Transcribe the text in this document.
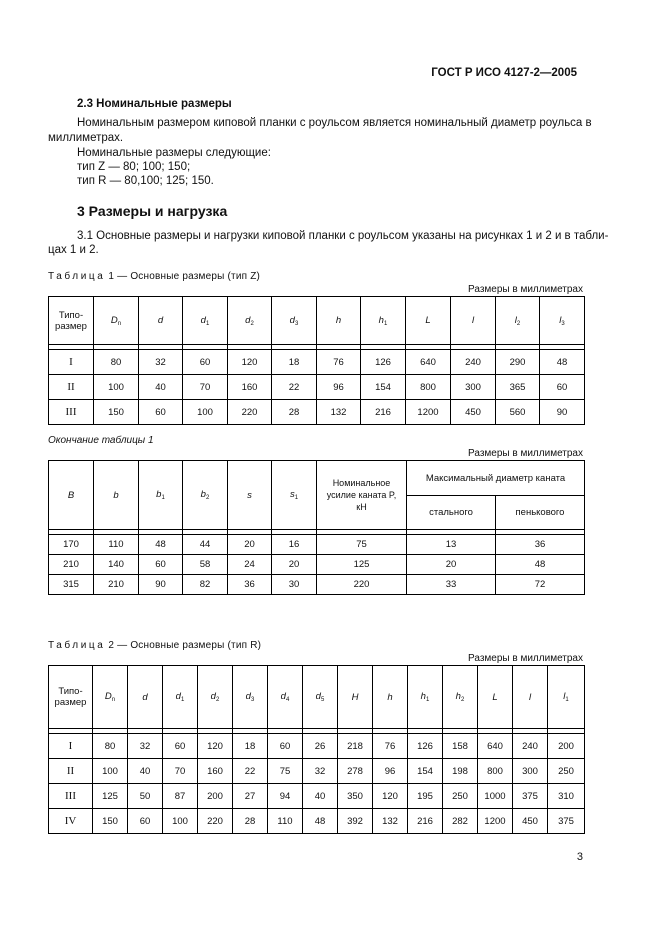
ГОСТ Р ИСО 4127-2—2005
2.3 Номинальные размеры
Номинальным размером киповой планки с роульсом является номинальный диаметр роульса в
миллиметрах.
Номинальные размеры следующие:
тип Z — 80; 100; 150;
тип R — 80,100; 125; 150.
3 Размеры и нагрузка
3.1 Основные размеры и нагрузки киповой планки с роульсом указаны на рисунках 1 и 2 и в табли-
цах 1 и 2.
Таблица 1 — Основные размеры (тип Z)
Размеры в миллиметрах
Типо-размер	$D_n$	d	$d_1$	$d_2$	$d_3$	h	$h_1$	L	l	$l_2$	$l_3$

I	80	32	60	120	18	76	126	640	240	290	48
II	100	40	70	160	22	96	154	800	300	365	60
III	150	60	100	220	28	132	216	1200	450	560	90
Окончание таблицы 1
Размеры в миллиметрах
B	b	$b_1$	$b_2$	s	$s_1$	Номинальное
усилие каната P,
кН	Максимальный диаметр каната	
							стального	пенькового

170	110	48	44	20	16	75	13	36
210	140	60	58	24	20	125	20	48
315	210	90	82	36	30	220	33	72
Таблица 2 — Основные размеры (тип R)
Размеры в миллиметрах
Типо-размер	$D_n$	d	$d_1$	$d_2$	$d_3$	$d_4$	$d_5$	H	h	$h_1$	$h_2$	L	l	$l_1$

I	80	32	60	120	18	60	26	218	76	126	158	640	240	200
II	100	40	70	160	22	75	32	278	96	154	198	800	300	250
III	125	50	87	200	27	94	40	350	120	195	250	1000	375	310
IV	150	60	100	220	28	110	48	392	132	216	282	1200	450	375
3
